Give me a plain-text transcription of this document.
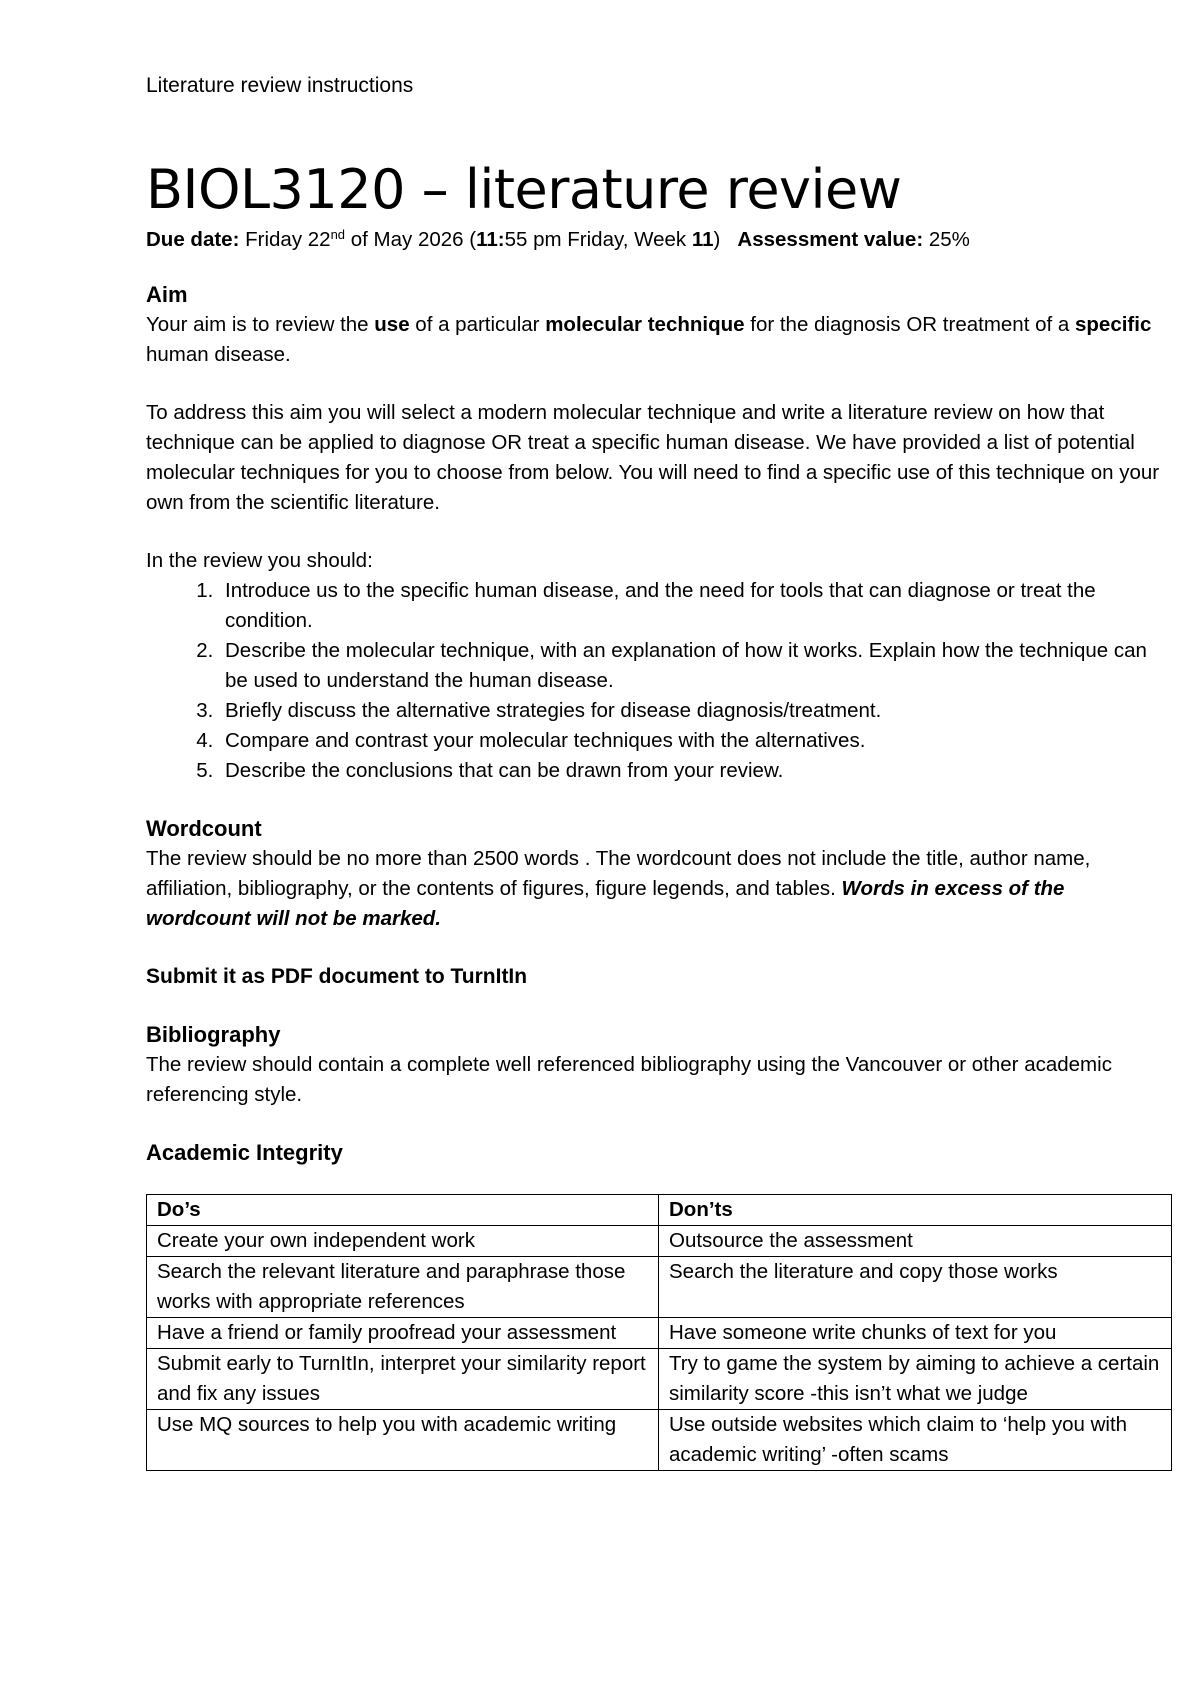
Literature review instructions

BIOL3120 – literature review

Due date: Friday 22nd of May 2026 (11:55 pm Friday, Week 11) Assessment value: 25%

Aim

Your aim is to review the use of a particular molecular technique for the diagnosis OR treatment of a specific human disease.

To address this aim you will select a modern molecular technique and write a literature review on how that technique can be applied to diagnose OR treat a specific human disease. We have provided a list of potential molecular techniques for you to choose from below. You will need to find a specific use of this technique on your own from the scientific literature.

In the review you should:

1. Introduce us to the specific human disease, and the need for tools that can diagnose or treat the condition.
2. Describe the molecular technique, with an explanation of how it works. Explain how the technique can be used to understand the human disease.
3. Briefly discuss the alternative strategies for disease diagnosis/treatment.
4. Compare and contrast your molecular techniques with the alternatives.
5. Describe the conclusions that can be drawn from your review.
Wordcount

The review should be no more than 2500 words . The wordcount does not include the title, author name, affiliation, bibliography, or the contents of figures, figure legends, and tables. Words in excess of the wordcount will not be marked.

Submit it as PDF document to TurnItIn
Bibliography

The review should contain a complete well referenced bibliography using the Vancouver or other academic referencing style.

Academic Integrity
Do’s	Don’ts
Create your own independent work	Outsource the assessment
Search the relevant literature and paraphrase those works with appropriate references	Search the literature and copy those works
Have a friend or family proofread your assessment	Have someone write chunks of text for you
Submit early to TurnItIn, interpret your similarity report and fix any issues	Try to game the system by aiming to achieve a certain similarity score -this isn’t what we judge
Use MQ sources to help you with academic writing	Use outside websites which claim to ‘help you with academic writing’ -often scams
